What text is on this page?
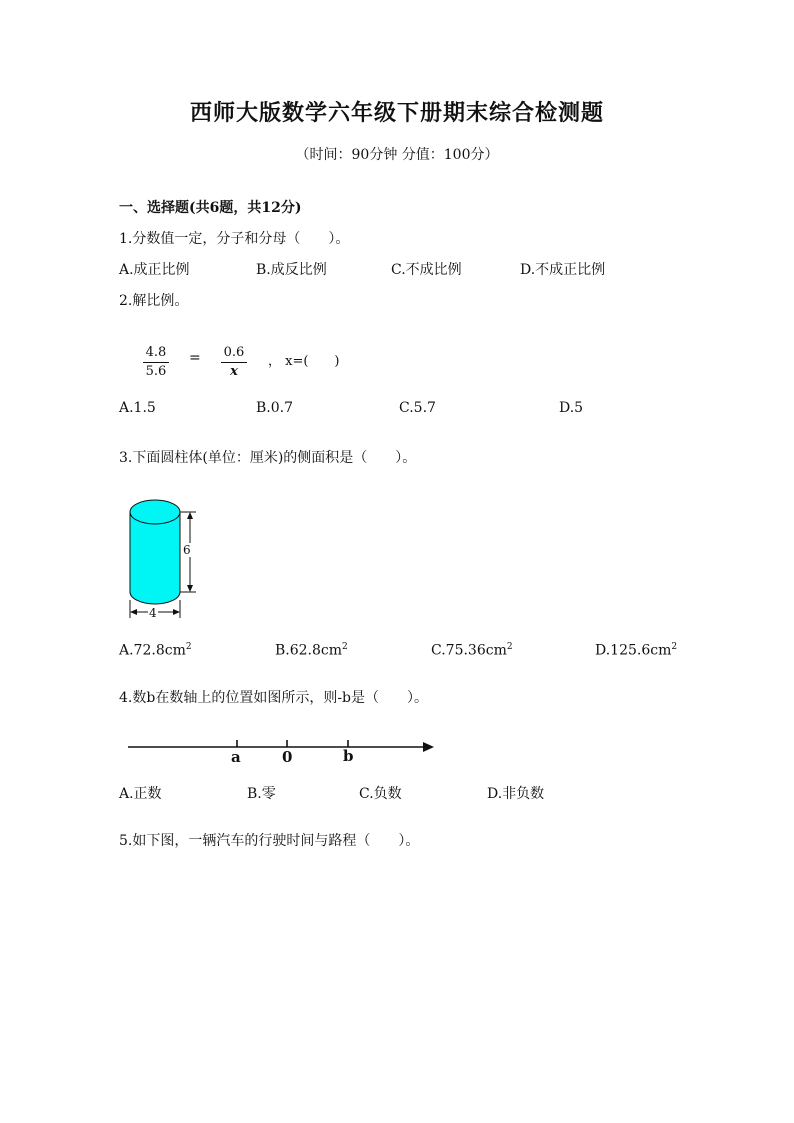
西师大版数学六年级下册期末综合检测题
（时间：90分钟 分值：100分）
一、选择题(共6题，共12分)
1.分数值一定，分子和分母（　　）。
A.成正比例	B.成反比例	C.不成比例	D.不成正比例
2.解比例。
$\frac{4.8}{5.6} = \frac{0.6}{x}$ ， x=(　　)
A.1.5	B.0.7	C.5.7	D.5
3.下面圆柱体(单位：厘米)的侧面积是（　　）。
6
4
$A.72.8cm^2$	$B.62.8cm^2$	$C.75.36cm^2$	$D.125.6cm^2$
4.数b在数轴上的位置如图所示，则-b是（　　）。
a	0	b
A.正数	B.零	C.负数	D.非负数
5.如下图，一辆汽车的行驶时间与路程（　　）。
